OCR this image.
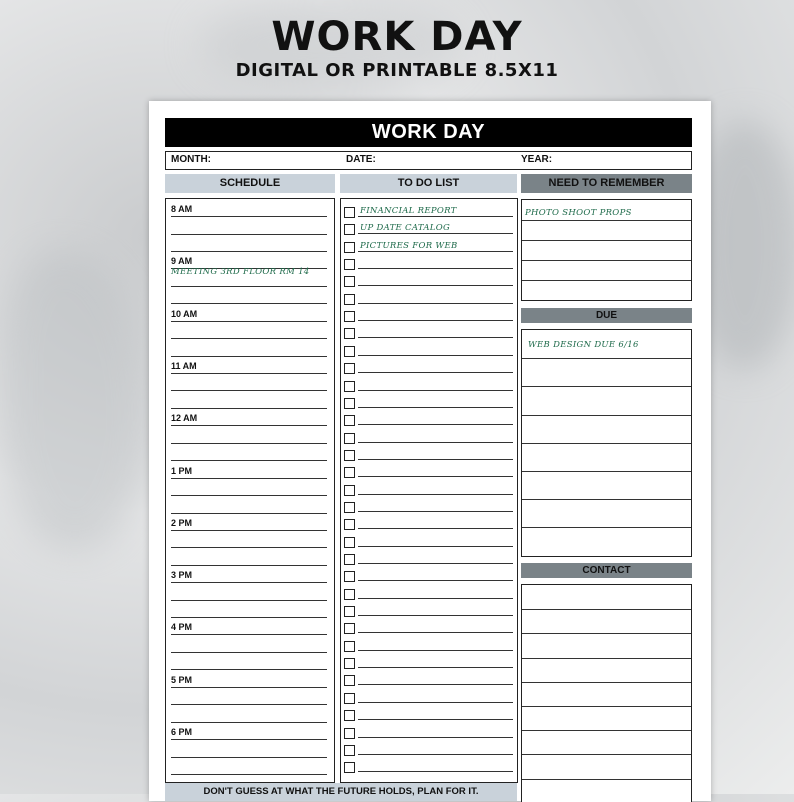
WORK DAY
DIGITAL OR PRINTABLE 8.5X11
WORK DAY
MONTH:	DATE:	YEAR:
SCHEDULE	TO DO LIST	NEED TO REMEMBER
8 AM
9 AM
MEETING 3RD FLOOR RM 14
10 AM
11 AM
12 AM
1 PM
2 PM
3 PM
4 PM
5 PM
6 PM
FINANCIAL REPORT
UP DATE CATALOG
PICTURES FOR WEB
PHOTO SHOOT PROPS
DUE
WEB DESIGN DUE 6/16
CONTACT
DON'T GUESS AT WHAT THE FUTURE HOLDS, PLAN FOR IT.
